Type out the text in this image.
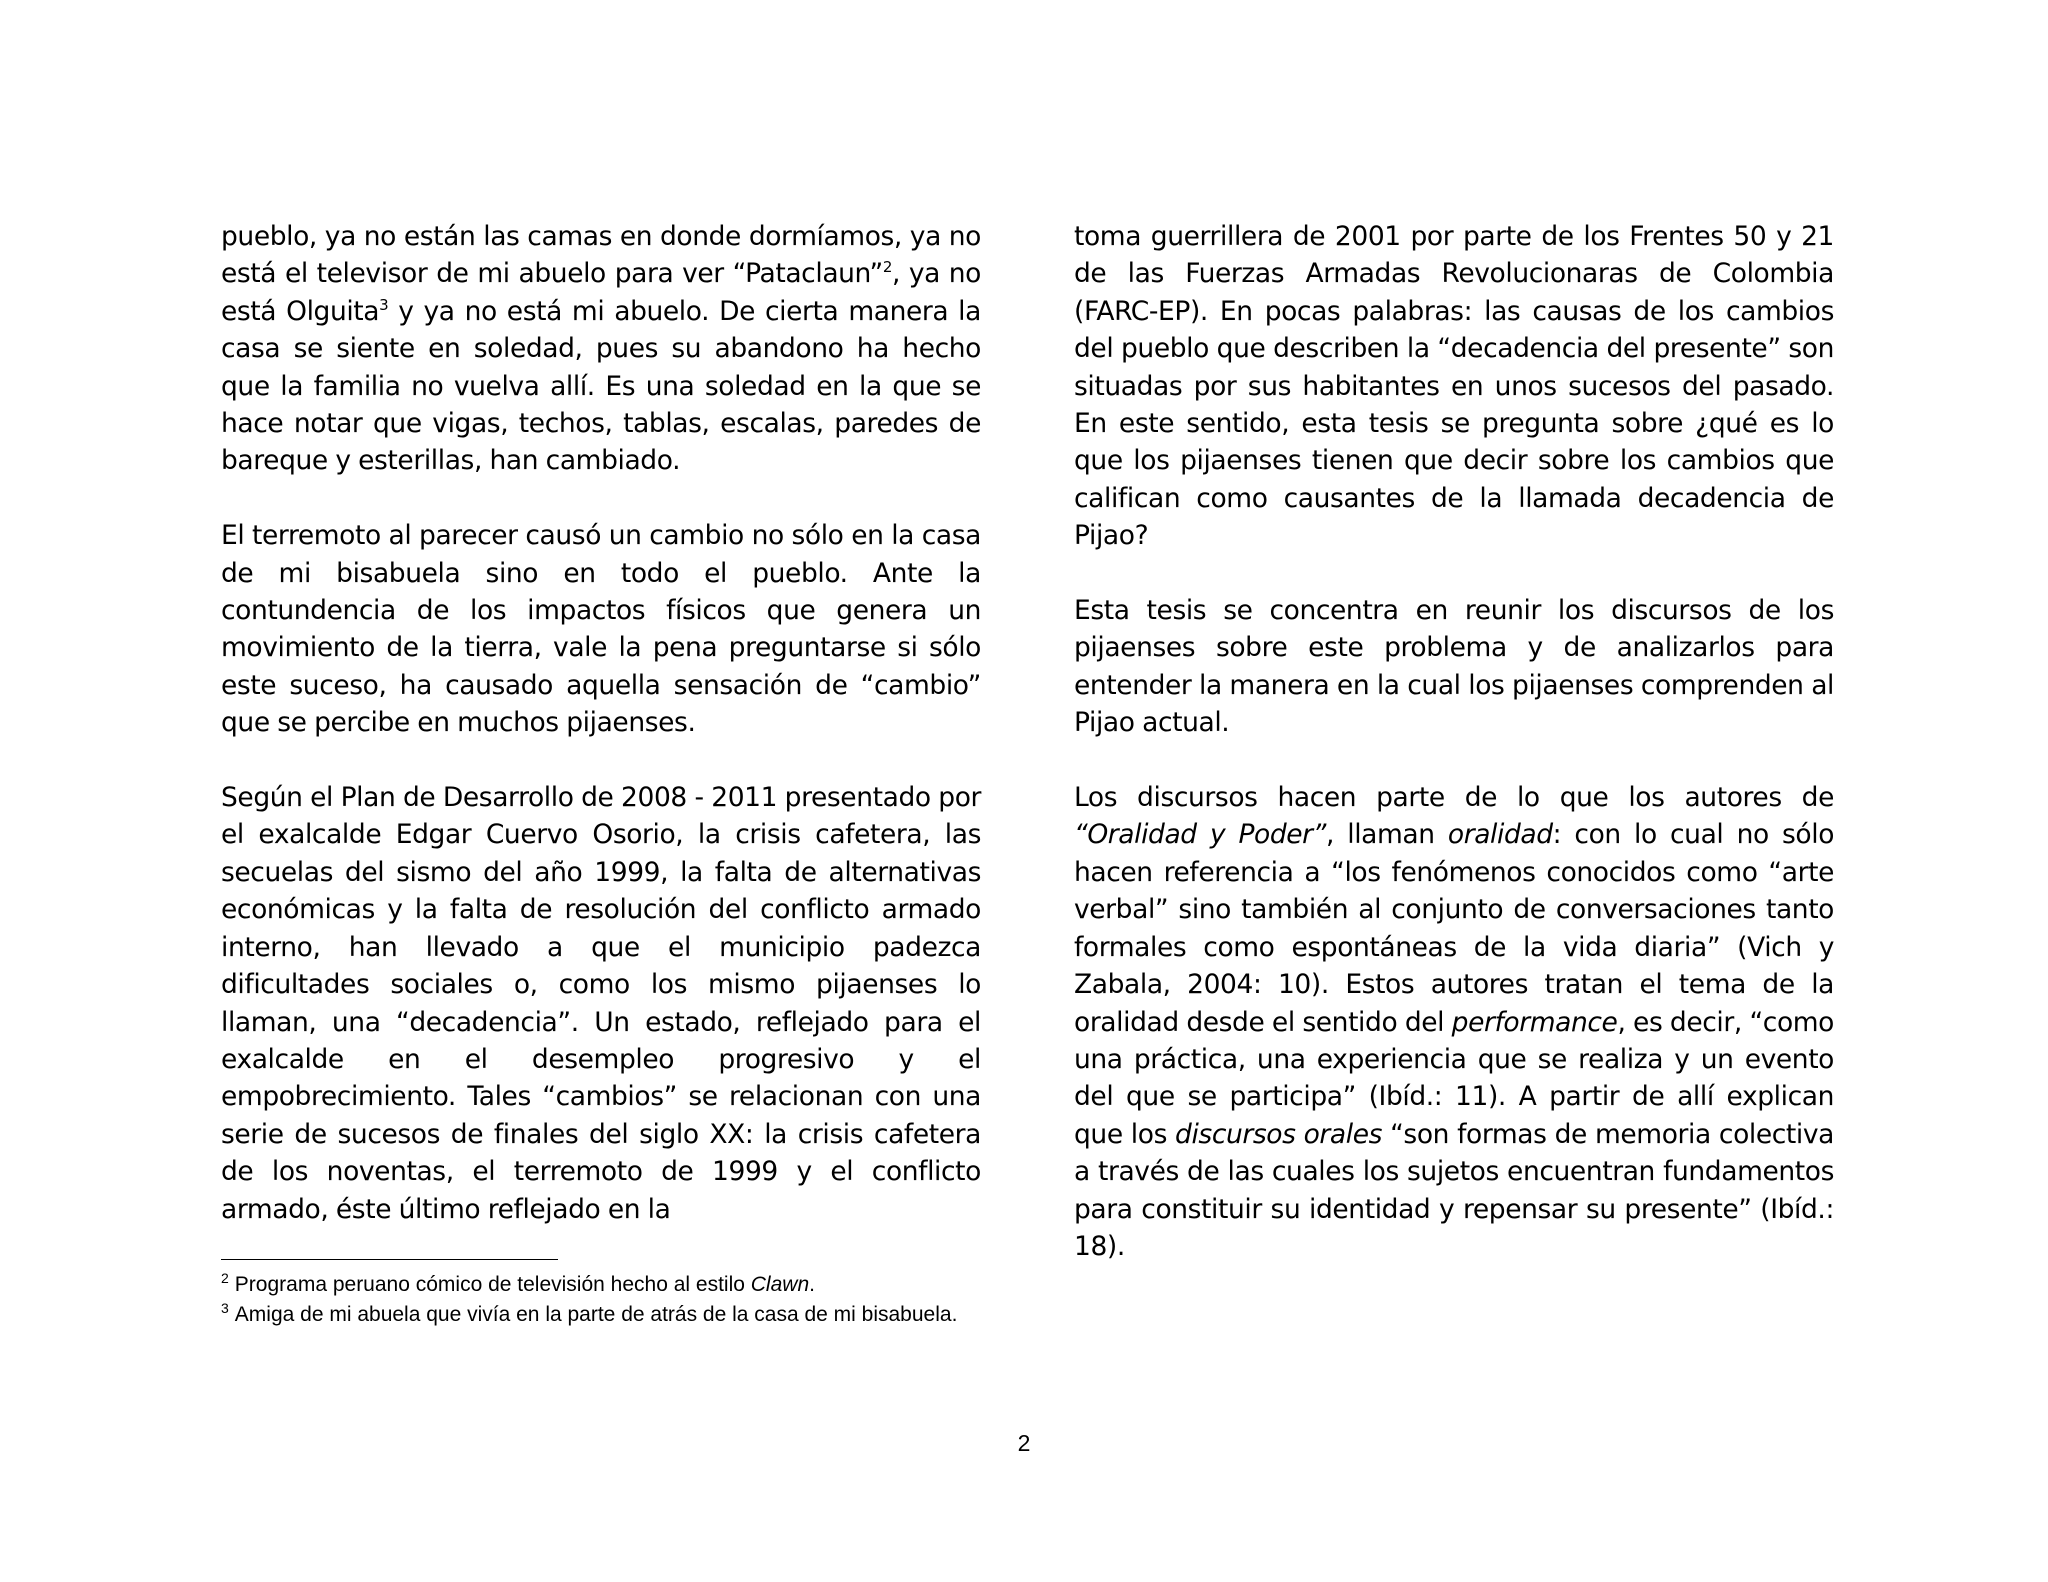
pueblo, ya no están las camas en donde dormíamos, ya no está el televisor de mi abuelo para ver “Pataclaun”$^2$, ya no está Olguita$^3$ y ya no está mi abuelo. De cierta manera la casa se siente en soledad, pues su abandono ha hecho que la familia no vuelva allí. Es una soledad en la que se hace notar que vigas, techos, tablas, escalas, paredes de bareque y esterillas, han cambiado.

El terremoto al parecer causó un cambio no sólo en la casa de mi bisabuela sino en todo el pueblo. Ante la contundencia de los impactos físicos que genera un movimiento de la tierra, vale la pena preguntarse si sólo este suceso, ha causado aquella sensación de “cambio” que se percibe en muchos pijaenses.

Según el Plan de Desarrollo de 2008 - 2011 presentado por el exalcalde Edgar Cuervo Osorio, la crisis cafetera, las secuelas del sismo del año 1999, la falta de alternativas económicas y la falta de resolución del conflicto armado interno, han llevado a que el municipio padezca dificultades sociales o, como los mismo pijaenses lo llaman, una “decadencia”. Un estado, reflejado para el exalcalde en el desempleo progresivo y el empobrecimiento. Tales “cambios” se relacionan con una serie de sucesos de finales del siglo XX: la crisis cafetera de los noventas, el terremoto de 1999 y el conflicto armado, éste último reflejado en la

toma guerrillera de 2001 por parte de los Frentes 50 y 21 de las Fuerzas Armadas Revolucionaras de Colombia (FARC-EP). En pocas palabras: las causas de los cambios del pueblo que describen la “decadencia del presente” son situadas por sus habitantes en unos sucesos del pasado. En este sentido, esta tesis se pregunta sobre ¿qué es lo que los pijaenses tienen que decir sobre los cambios que califican como causantes de la llamada decadencia de Pijao?

Esta tesis se concentra en reunir los discursos de los pijaenses sobre este problema y de analizarlos para entender la manera en la cual los pijaenses comprenden al Pijao actual.

Los discursos hacen parte de lo que los autores de “Oralidad y Poder”, llaman oralidad: con lo cual no sólo hacen referencia a “los fenómenos conocidos como “arte verbal” sino también al conjunto de conversaciones tanto formales como espontáneas de la vida diaria” (Vich y Zabala, 2004: 10). Estos autores tratan el tema de la oralidad desde el sentido del performance, es decir, “como una práctica, una experiencia que se realiza y un evento del que se participa” (Ibíd.: 11). A partir de allí explican que los discursos orales “son formas de memoria colectiva a través de las cuales los sujetos encuentran fundamentos para constituir su identidad y repensar su presente” (Ibíd.: 18).

$^2$ Programa peruano cómico de televisión hecho al estilo Clawn.

$^3$ Amiga de mi abuela que vivía en la parte de atrás de la casa de mi bisabuela.

2
